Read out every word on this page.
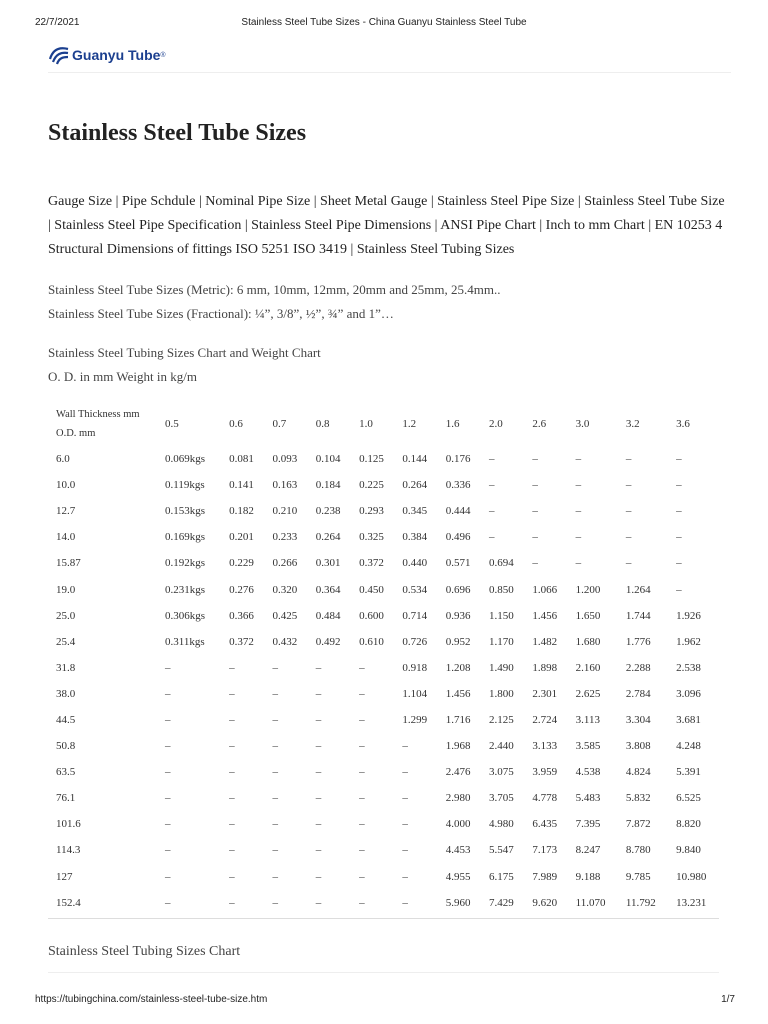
22/7/2021	Stainless Steel Tube Sizes - China Guanyu Stainless Steel Tube
Guanyu Tube ®
Stainless Steel Tube Sizes

Gauge Size | Pipe Schdule | Nominal Pipe Size | Sheet Metal Gauge | Stainless Steel Pipe Size | Stainless Steel Tube Size | Stainless Steel Pipe Specification | Stainless Steel Pipe Dimensions | ANSI Pipe Chart | Inch to mm Chart | EN 10253 4 Structural Dimensions of fittings ISO 5251 ISO 3419 | Stainless Steel Tubing Sizes

Stainless Steel Tube Sizes (Metric): 6 mm, 10mm, 12mm, 20mm and 25mm, 25.4mm..

Stainless Steel Tube Sizes (Fractional): ¼”, 3/8”, ½”, ¾” and 1”…

Stainless Steel Tubing Sizes Chart and Weight Chart

O. D. in mm Weight in kg/m

Wall Thickness mm
O.D. mm	0.5	0.6	0.7	0.8	1.0	1.2	1.6	2.0	2.6	3.0	3.2	3.6
6.0	0.069kgs	0.081	0.093	0.104	0.125	0.144	0.176	–	–	–	–	–
10.0	0.119kgs	0.141	0.163	0.184	0.225	0.264	0.336	–	–	–	–	–
12.7	0.153kgs	0.182	0.210	0.238	0.293	0.345	0.444	–	–	–	–	–
14.0	0.169kgs	0.201	0.233	0.264	0.325	0.384	0.496	–	–	–	–	–
15.87	0.192kgs	0.229	0.266	0.301	0.372	0.440	0.571	0.694	–	–	–	–
19.0	0.231kgs	0.276	0.320	0.364	0.450	0.534	0.696	0.850	1.066	1.200	1.264	–
25.0	0.306kgs	0.366	0.425	0.484	0.600	0.714	0.936	1.150	1.456	1.650	1.744	1.926
25.4	0.311kgs	0.372	0.432	0.492	0.610	0.726	0.952	1.170	1.482	1.680	1.776	1.962
31.8	–	–	–	–	–	0.918	1.208	1.490	1.898	2.160	2.288	2.538
38.0	–	–	–	–	–	1.104	1.456	1.800	2.301	2.625	2.784	3.096
44.5	–	–	–	–	–	1.299	1.716	2.125	2.724	3.113	3.304	3.681
50.8	–	–	–	–	–	–	1.968	2.440	3.133	3.585	3.808	4.248
63.5	–	–	–	–	–	–	2.476	3.075	3.959	4.538	4.824	5.391
76.1	–	–	–	–	–	–	2.980	3.705	4.778	5.483	5.832	6.525
101.6	–	–	–	–	–	–	4.000	4.980	6.435	7.395	7.872	8.820
114.3	–	–	–	–	–	–	4.453	5.547	7.173	8.247	8.780	9.840
127	–	–	–	–	–	–	4.955	6.175	7.989	9.188	9.785	10.980
152.4	–	–	–	–	–	–	5.960	7.429	9.620	11.070	11.792	13.231

Stainless Steel Tubing Sizes Chart

https://tubingchina.com/stainless-steel-tube-size.htm	1/7
